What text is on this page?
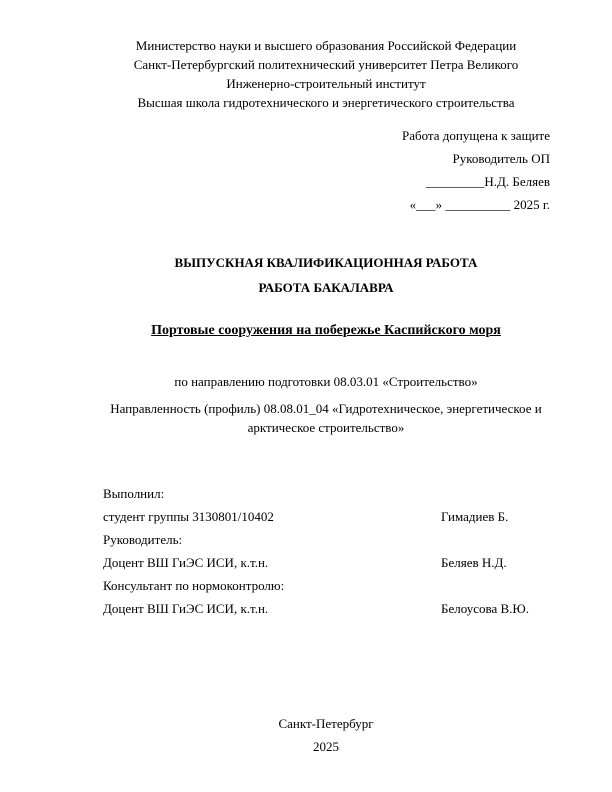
Министерство науки и высшего образования Российской Федерации
Санкт-Петербургский политехнический университет Петра Великого
Инженерно-строительный институт
Высшая школа гидротехнического и энергетического строительства
Работа допущена к защите
Руководитель ОП
_________Н.Д. Беляев
«___» __________ 2025 г.
ВЫПУСКНАЯ КВАЛИФИКАЦИОННАЯ РАБОТА
РАБОТА БАКАЛАВРА
Портовые сооружения на побережье Каспийского моря
по направлению подготовки 08.03.01 «Строительство»
Направленность (профиль) 08.08.01_04 «Гидротехническое, энергетическое и арктическое строительство»
Выполнил:
студент группы 3130801/10402	Гимадиев Б.
Руководитель:
Доцент ВШ ГиЭС ИСИ, к.т.н.	Беляев Н.Д.
Консультант по нормоконтролю:
Доцент ВШ ГиЭС ИСИ, к.т.н.	Белоусова В.Ю.
Санкт-Петербург
2025
